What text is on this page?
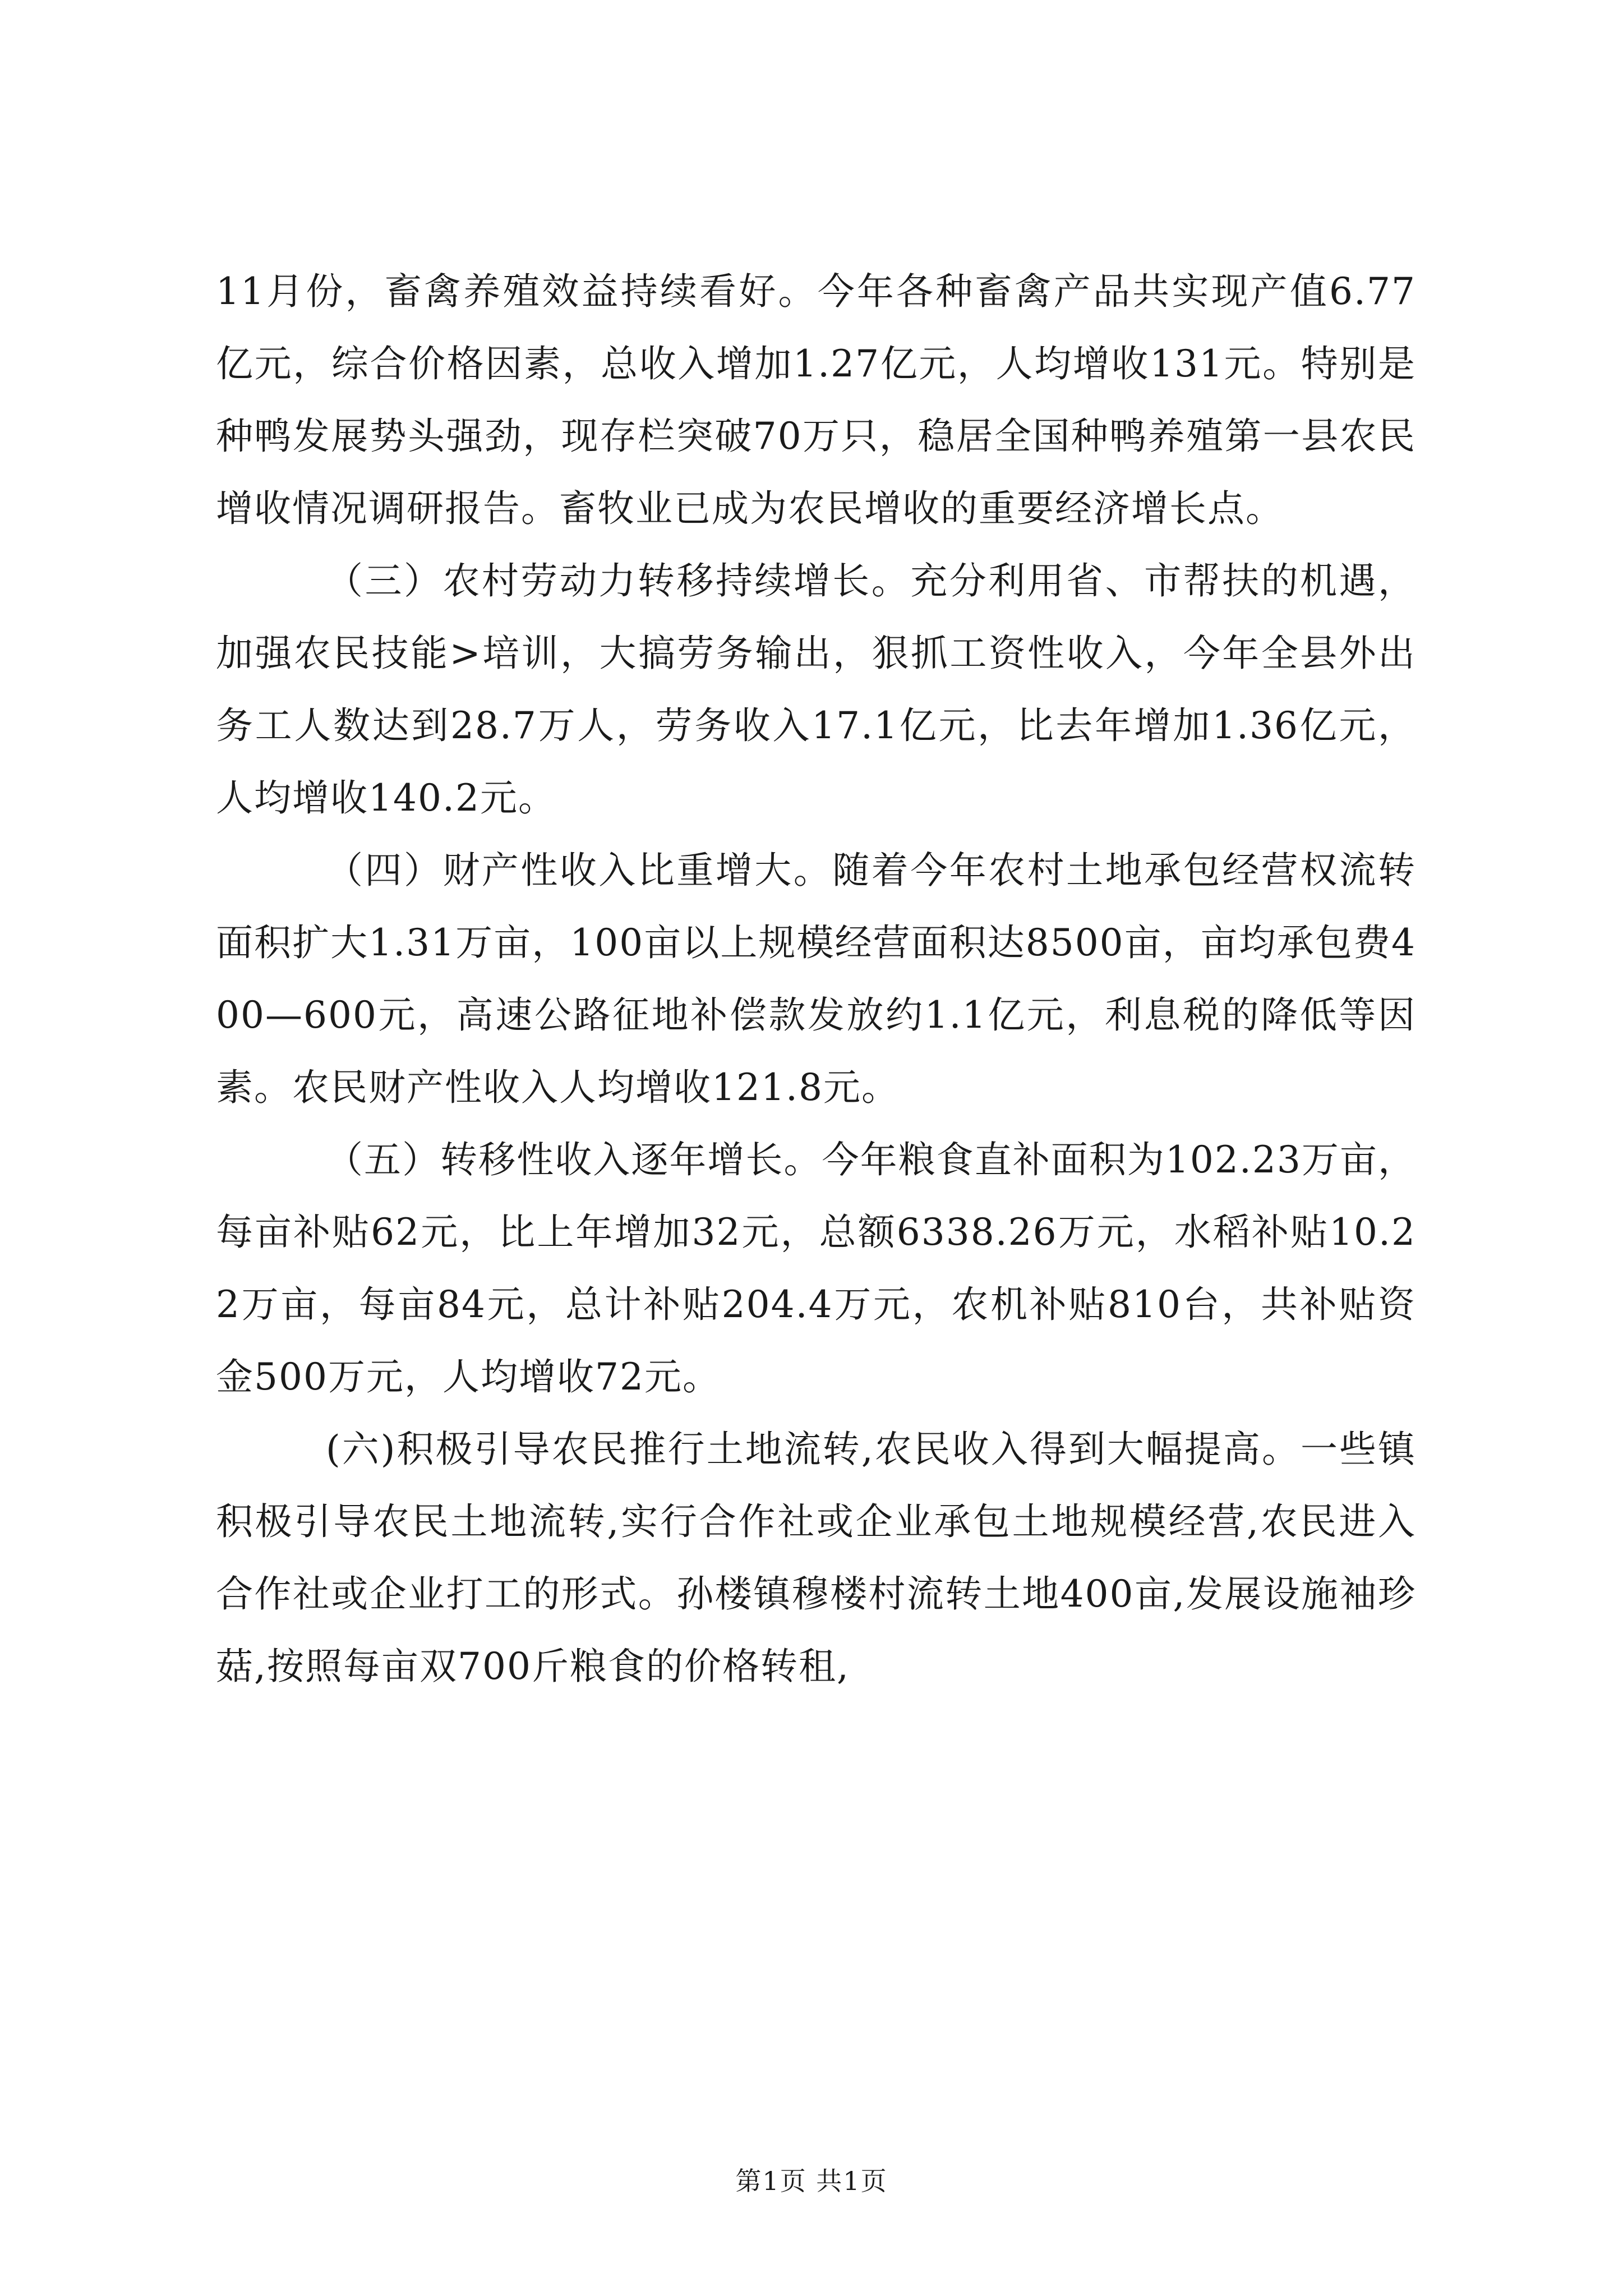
11月份，畜禽养殖效益持续看好。今年各种畜禽产品共实现产值6.77亿元，综合价格因素，总收入增加1.27亿元，人均增收131元。特别是种鸭发展势头强劲，现存栏突破70万只，稳居全国种鸭养殖第一县农民增收情况调研报告。畜牧业已成为农民增收的重要经济增长点。

（三）农村劳动力转移持续增长。充分利用省、市帮扶的机遇，加强农民技能>培训，大搞劳务输出，狠抓工资性收入，今年全县外出务工人数达到28.7万人，劳务收入17.1亿元，比去年增加1.36亿元，人均增收140.2元。

（四）财产性收入比重增大。随着今年农村土地承包经营权流转面积扩大1.31万亩，100亩以上规模经营面积达8500亩，亩均承包费400—600元，高速公路征地补偿款发放约1.1亿元，利息税的降低等因素。农民财产性收入人均增收121.8元。

（五）转移性收入逐年增长。今年粮食直补面积为102.23万亩，每亩补贴62元，比上年增加32元，总额6338.26万元，水稻补贴10.22万亩，每亩84元，总计补贴204.4万元，农机补贴810台，共补贴资金500万元，人均增收72元。

(六)积极引导农民推行土地流转,农民收入得到大幅提高。一些镇积极引导农民土地流转,实行合作社或企业承包土地规模经营,农民进入合作社或企业打工的形式。孙楼镇穆楼村流转土地400亩,发展设施袖珍菇,按照每亩双700斤粮食的价格转租,

第1页 共1页
